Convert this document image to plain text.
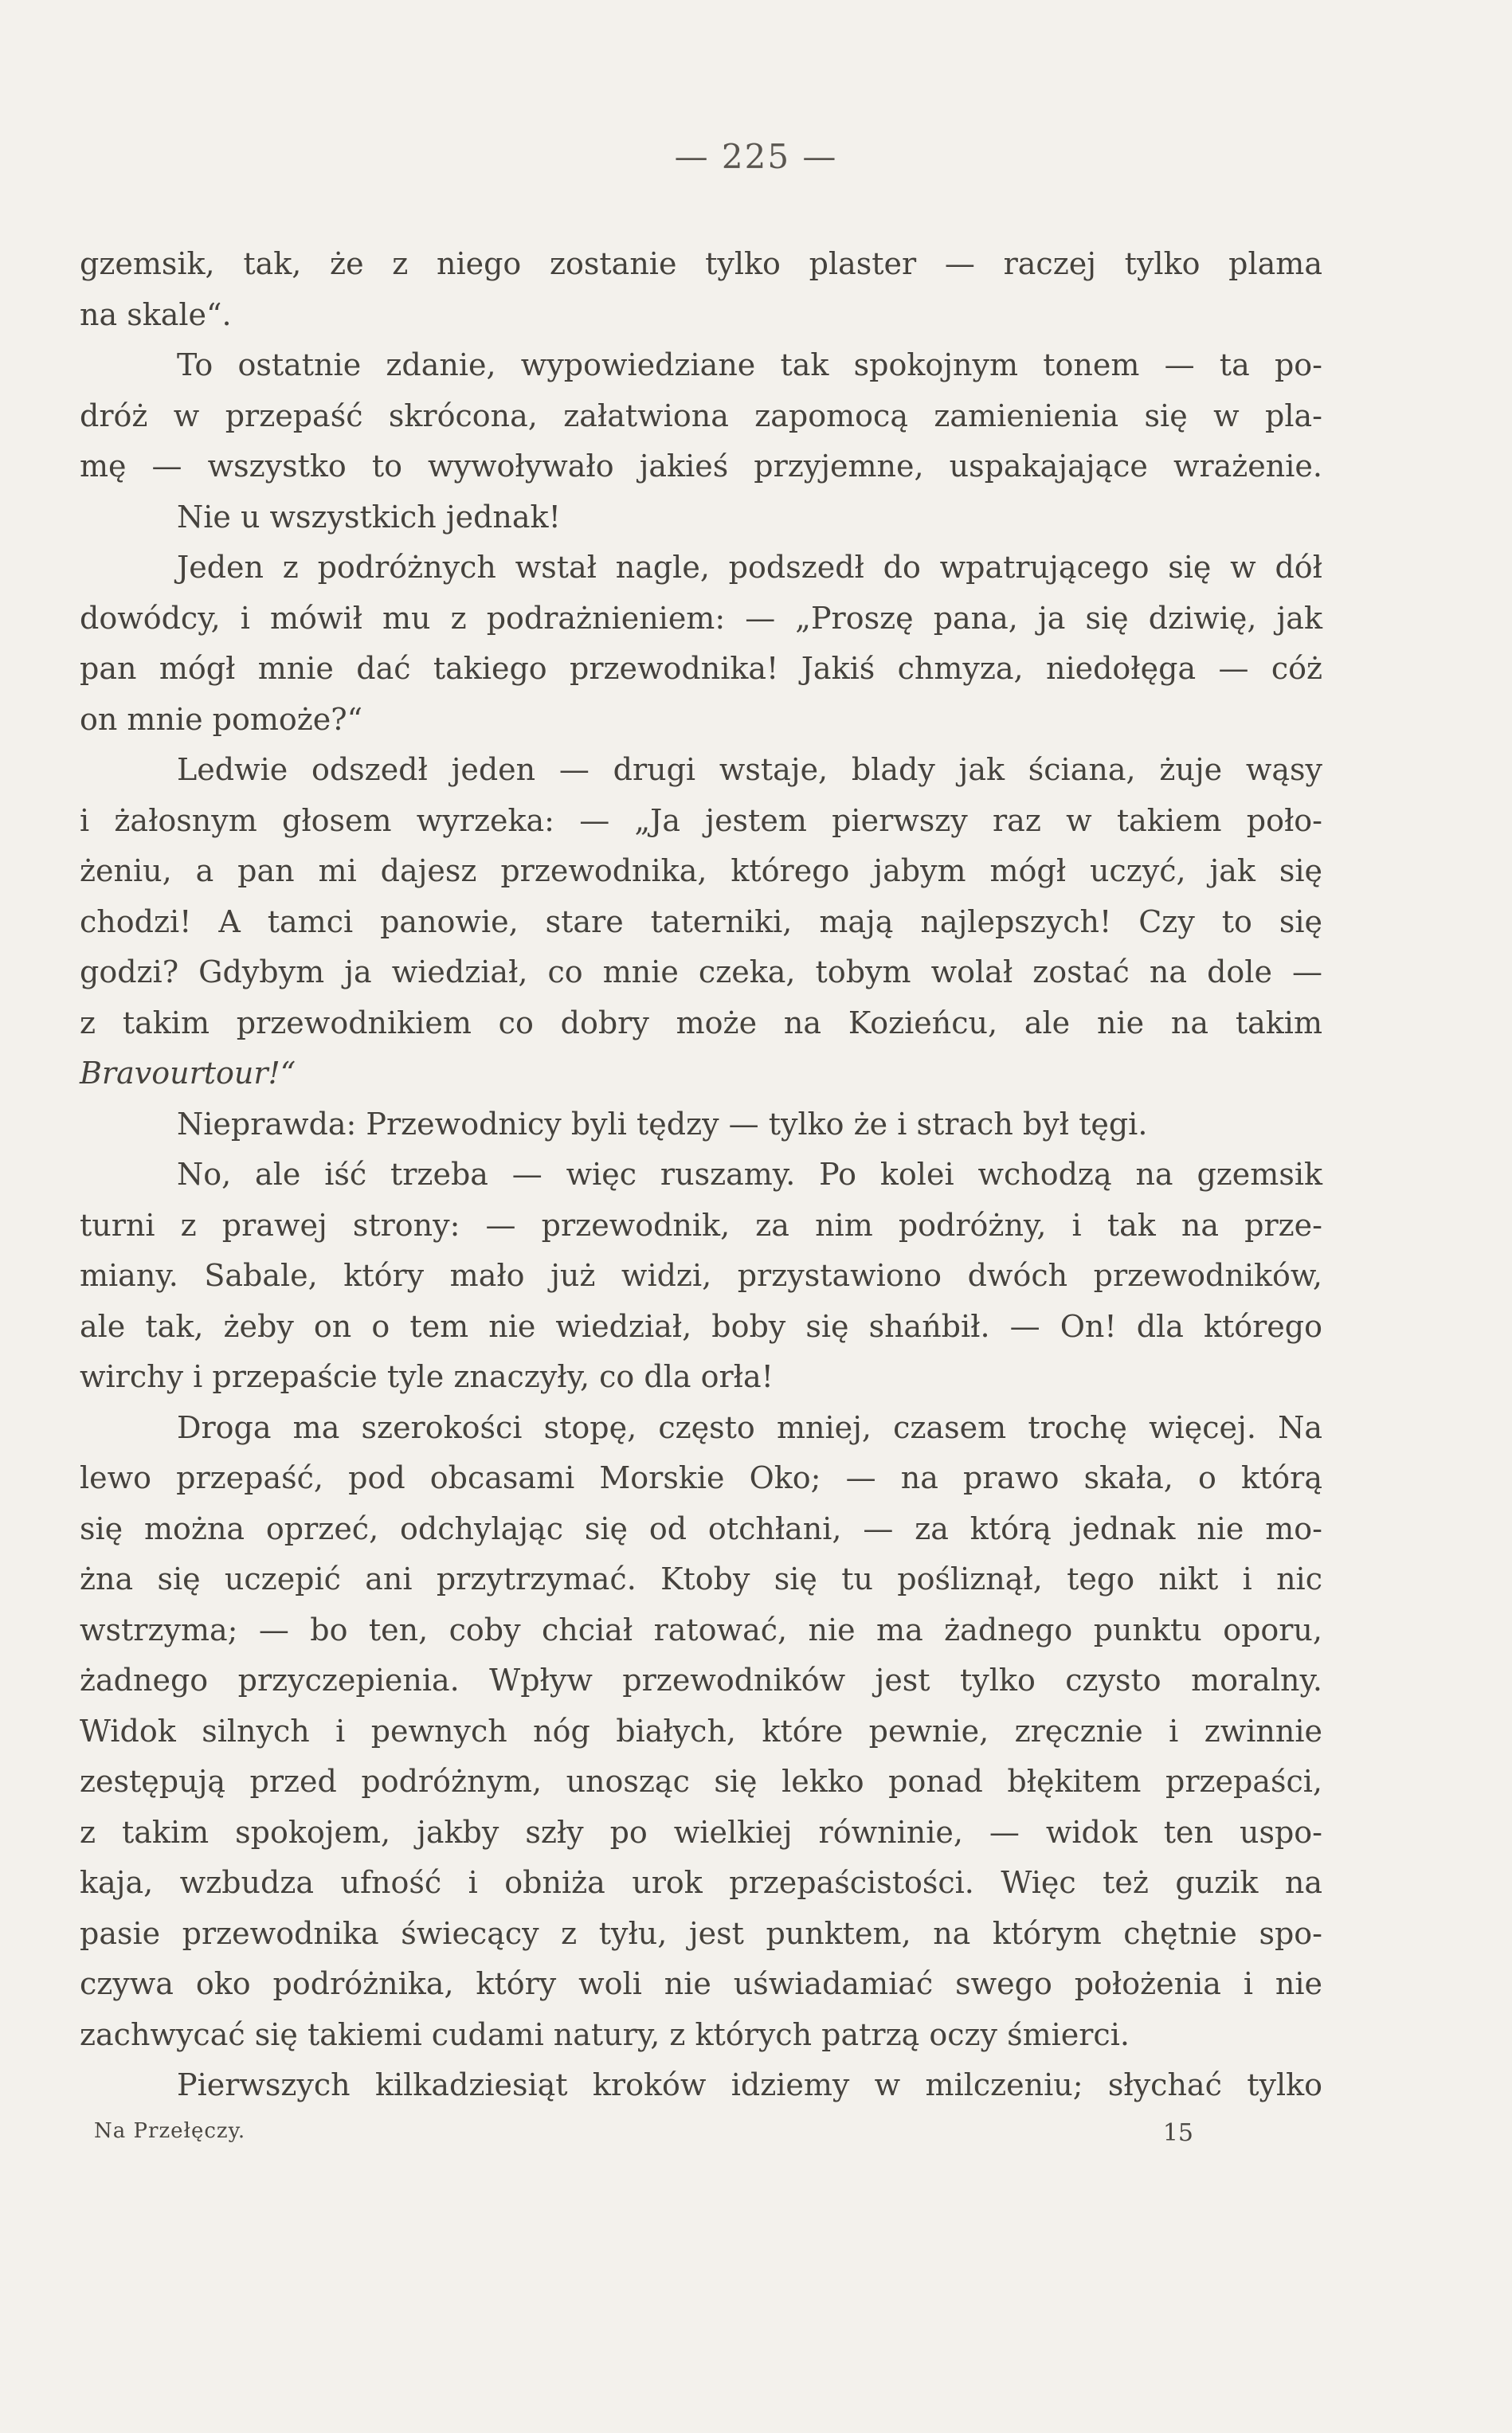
— 225 —
gzemsik, tak, że z niego zostanie tylko plaster — raczej tylko plama
na skale“.
To ostatnie zdanie, wypowiedziane tak spokojnym tonem — ta po-
dróż w przepaść skrócona, załatwiona zapomocą zamienienia się w pla-
mę — wszystko to wywoływało jakieś przyjemne, uspakajające wrażenie.
Nie u wszystkich jednak!
Jeden z podróżnych wstał nagle, podszedł do wpatrującego się w dół
dowódcy, i mówił mu z podrażnieniem: — „Proszę pana, ja się dziwię, jak
pan mógł mnie dać takiego przewodnika! Jakiś chmyza, niedołęga — cóż
on mnie pomoże?“
Ledwie odszedł jeden — drugi wstaje, blady jak ściana, żuje wąsy
i żałosnym głosem wyrzeka: — „Ja jestem pierwszy raz w takiem poło-
żeniu, a pan mi dajesz przewodnika, którego jabym mógł uczyć, jak się
chodzi! A tamci panowie, stare taterniki, mają najlepszych! Czy to się
godzi? Gdybym ja wiedział, co mnie czeka, tobym wolał zostać na dole —
z takim przewodnikiem co dobry może na Kozieńcu, ale nie na takim
Bravourtour!“
Nieprawda: Przewodnicy byli tędzy — tylko że i strach był tęgi.
No, ale iść trzeba — więc ruszamy. Po kolei wchodzą na gzemsik
turni z prawej strony: — przewodnik, za nim podróżny, i tak na prze-
miany. Sabale, który mało już widzi, przystawiono dwóch przewodników,
ale tak, żeby on o tem nie wiedział, boby się shańbił. — On! dla którego
wirchy i przepaście tyle znaczyły, co dla orła!
Droga ma szerokości stopę, często mniej, czasem trochę więcej. Na
lewo przepaść, pod obcasami Morskie Oko; — na prawo skała, o którą
się można oprzeć, odchylając się od otchłani, — za którą jednak nie mo-
żna się uczepić ani przytrzymać. Ktoby się tu pośliznął, tego nikt i nic
wstrzyma; — bo ten, coby chciał ratować, nie ma żadnego punktu oporu,
żadnego przyczepienia. Wpływ przewodników jest tylko czysto moralny.
Widok silnych i pewnych nóg białych, które pewnie, zręcznie i zwinnie
zestępują przed podróżnym, unosząc się lekko ponad błękitem przepaści,
z takim spokojem, jakby szły po wielkiej równinie, — widok ten uspo-
kaja, wzbudza ufność i obniża urok przepaścistości. Więc też guzik na
pasie przewodnika świecący z tyłu, jest punktem, na którym chętnie spo-
czywa oko podróżnika, który woli nie uświadamiać swego położenia i nie
zachwycać się takiemi cudami natury, z których patrzą oczy śmierci.
Pierwszych kilkadziesiąt kroków idziemy w milczeniu; słychać tylko
Na Przełęczy.	15
